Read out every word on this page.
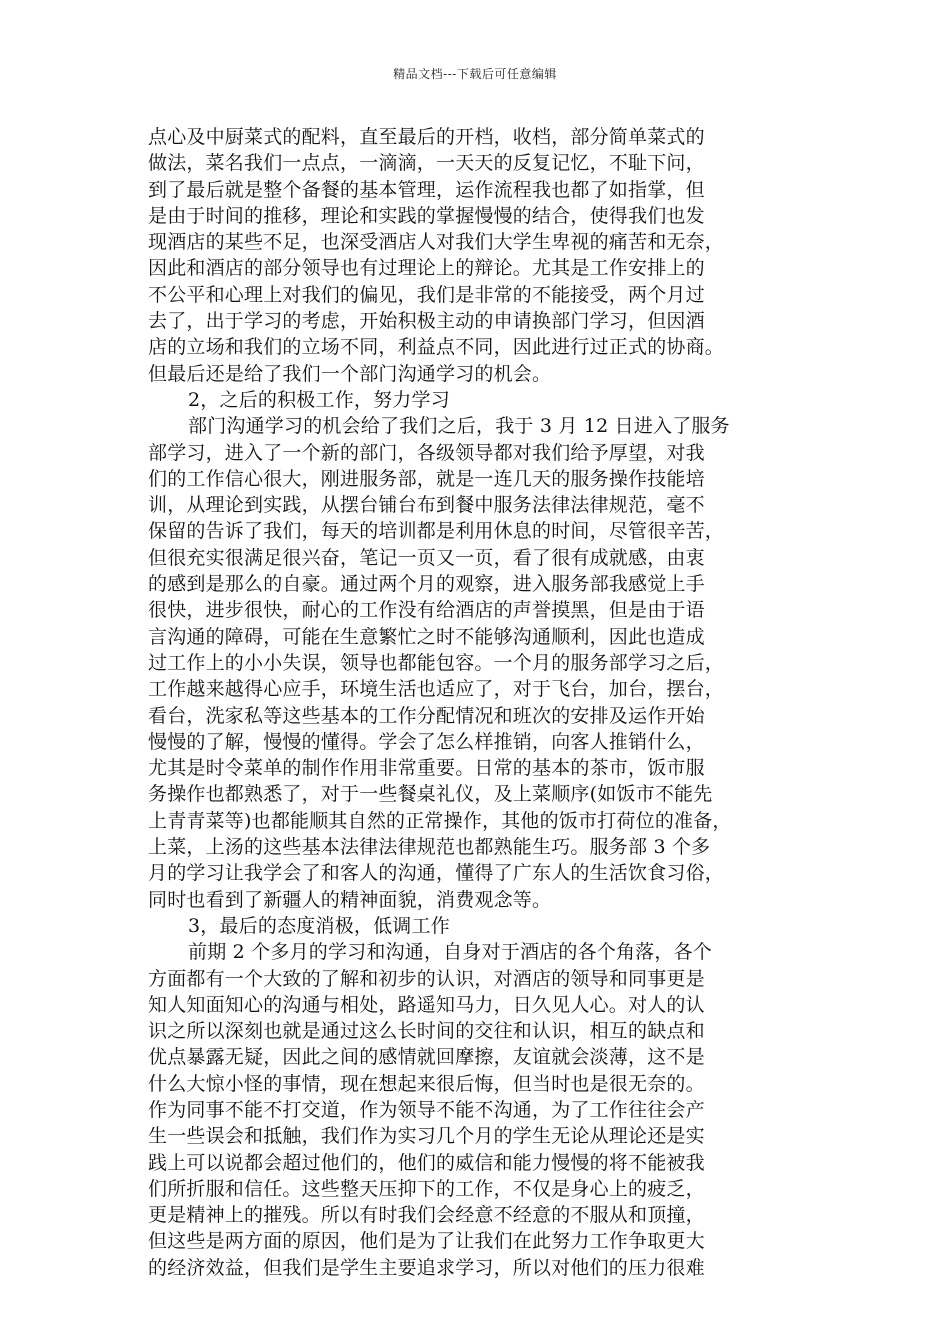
精品文档---下载后可任意编辑
点心及中厨菜式的配料，直至最后的开档，收档，部分简单菜式的
做法，菜名我们一点点，一滴滴，一天天的反复记忆，不耻下问，
到了最后就是整个备餐的基本管理，运作流程我也都了如指掌，但
是由于时间的推移，理论和实践的掌握慢慢的结合，使得我们也发
现酒店的某些不足，也深受酒店人对我们大学生卑视的痛苦和无奈，
因此和酒店的部分领导也有过理论上的辩论。尤其是工作安排上的
不公平和心理上对我们的偏见，我们是非常的不能接受，两个月过
去了，出于学习的考虑，开始积极主动的申请换部门学习，但因酒
店的立场和我们的立场不同，利益点不同，因此进行过正式的协商。
但最后还是给了我们一个部门沟通学习的机会。
2，之后的积极工作，努力学习
部门沟通学习的机会给了我们之后，我于 3 月 12 日进入了服务
部学习，进入了一个新的部门，各级领导都对我们给予厚望，对我
们的工作信心很大，刚进服务部，就是一连几天的服务操作技能培
训，从理论到实践，从摆台铺台布到餐中服务法律法律规范，毫不
保留的告诉了我们，每天的培训都是利用休息的时间，尽管很辛苦，
但很充实很满足很兴奋，笔记一页又一页，看了很有成就感，由衷
的感到是那么的自豪。通过两个月的观察，进入服务部我感觉上手
很快，进步很快，耐心的工作没有给酒店的声誉摸黑，但是由于语
言沟通的障碍，可能在生意繁忙之时不能够沟通顺利，因此也造成
过工作上的小小失误，领导也都能包容。一个月的服务部学习之后，
工作越来越得心应手，环境生活也适应了，对于飞台，加台，摆台，
看台，洗家私等这些基本的工作分配情况和班次的安排及运作开始
慢慢的了解，慢慢的懂得。学会了怎么样推销，向客人推销什么，
尤其是时令菜单的制作作用非常重要。日常的基本的茶市，饭市服
务操作也都熟悉了，对于一些餐桌礼仪，及上菜顺序(如饭市不能先
上青青菜等)也都能顺其自然的正常操作，其他的饭市打荷位的准备，
上菜，上汤的这些基本法律法律规范也都熟能生巧。服务部 3 个多
月的学习让我学会了和客人的沟通，懂得了广东人的生活饮食习俗，
同时也看到了新疆人的精神面貌，消费观念等。
3，最后的态度消极，低调工作
前期 2 个多月的学习和沟通，自身对于酒店的各个角落，各个
方面都有一个大致的了解和初步的认识，对酒店的领导和同事更是
知人知面知心的沟通与相处，路遥知马力，日久见人心。对人的认
识之所以深刻也就是通过这么长时间的交往和认识，相互的缺点和
优点暴露无疑，因此之间的感情就回摩擦，友谊就会淡薄，这不是
什么大惊小怪的事情，现在想起来很后悔，但当时也是很无奈的。
作为同事不能不打交道，作为领导不能不沟通，为了工作往往会产
生一些误会和抵触，我们作为实习几个月的学生无论从理论还是实
践上可以说都会超过他们的，他们的威信和能力慢慢的将不能被我
们所折服和信任。这些整天压抑下的工作，不仅是身心上的疲乏，
更是精神上的摧残。所以有时我们会经意不经意的不服从和顶撞，
但这些是两方面的原因，他们是为了让我们在此努力工作争取更大
的经济效益，但我们是学生主要追求学习，所以对他们的压力很难
